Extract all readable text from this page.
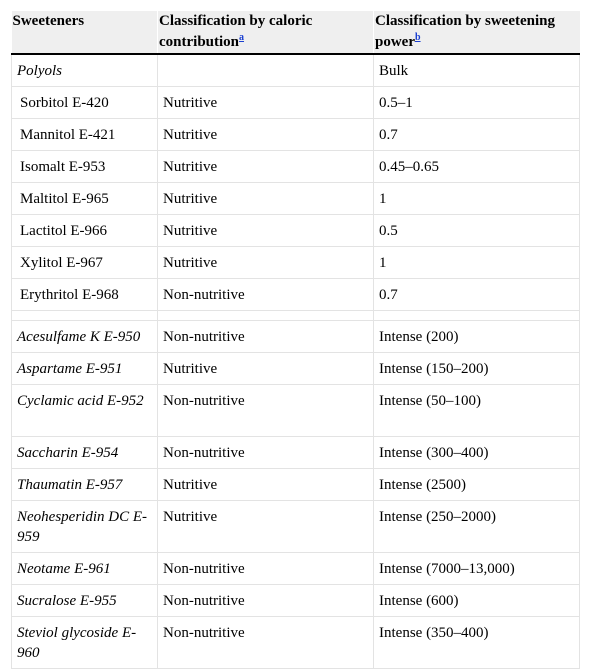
Sweeteners	Classification by caloric contribution$^a$	Classification by sweetening power$^b$
Polyols		Bulk
Sorbitol E-420	Nutritive	0.5–1
Mannitol E-421	Nutritive	0.7
Isomalt E-953	Nutritive	0.45–0.65
Maltitol E-965	Nutritive	1
Lactitol E-966	Nutritive	0.5
Xylitol E-967	Nutritive	1
Erythritol E-968	Non-nutritive	0.7

Acesulfame K E-950	Non-nutritive	Intense (200)
Aspartame E-951	Nutritive	Intense (150–200)
Cyclamic acid E-952	Non-nutritive	Intense (50–100)
Saccharin E-954	Non-nutritive	Intense (300–400)
Thaumatin E-957	Nutritive	Intense (2500)
Neohesperidin DC E-959	Nutritive	Intense (250–2000)
Neotame E-961	Non-nutritive	Intense (7000–13,000)
Sucralose E-955	Non-nutritive	Intense (600)
Steviol glycoside E-960	Non-nutritive	Intense (350–400)
